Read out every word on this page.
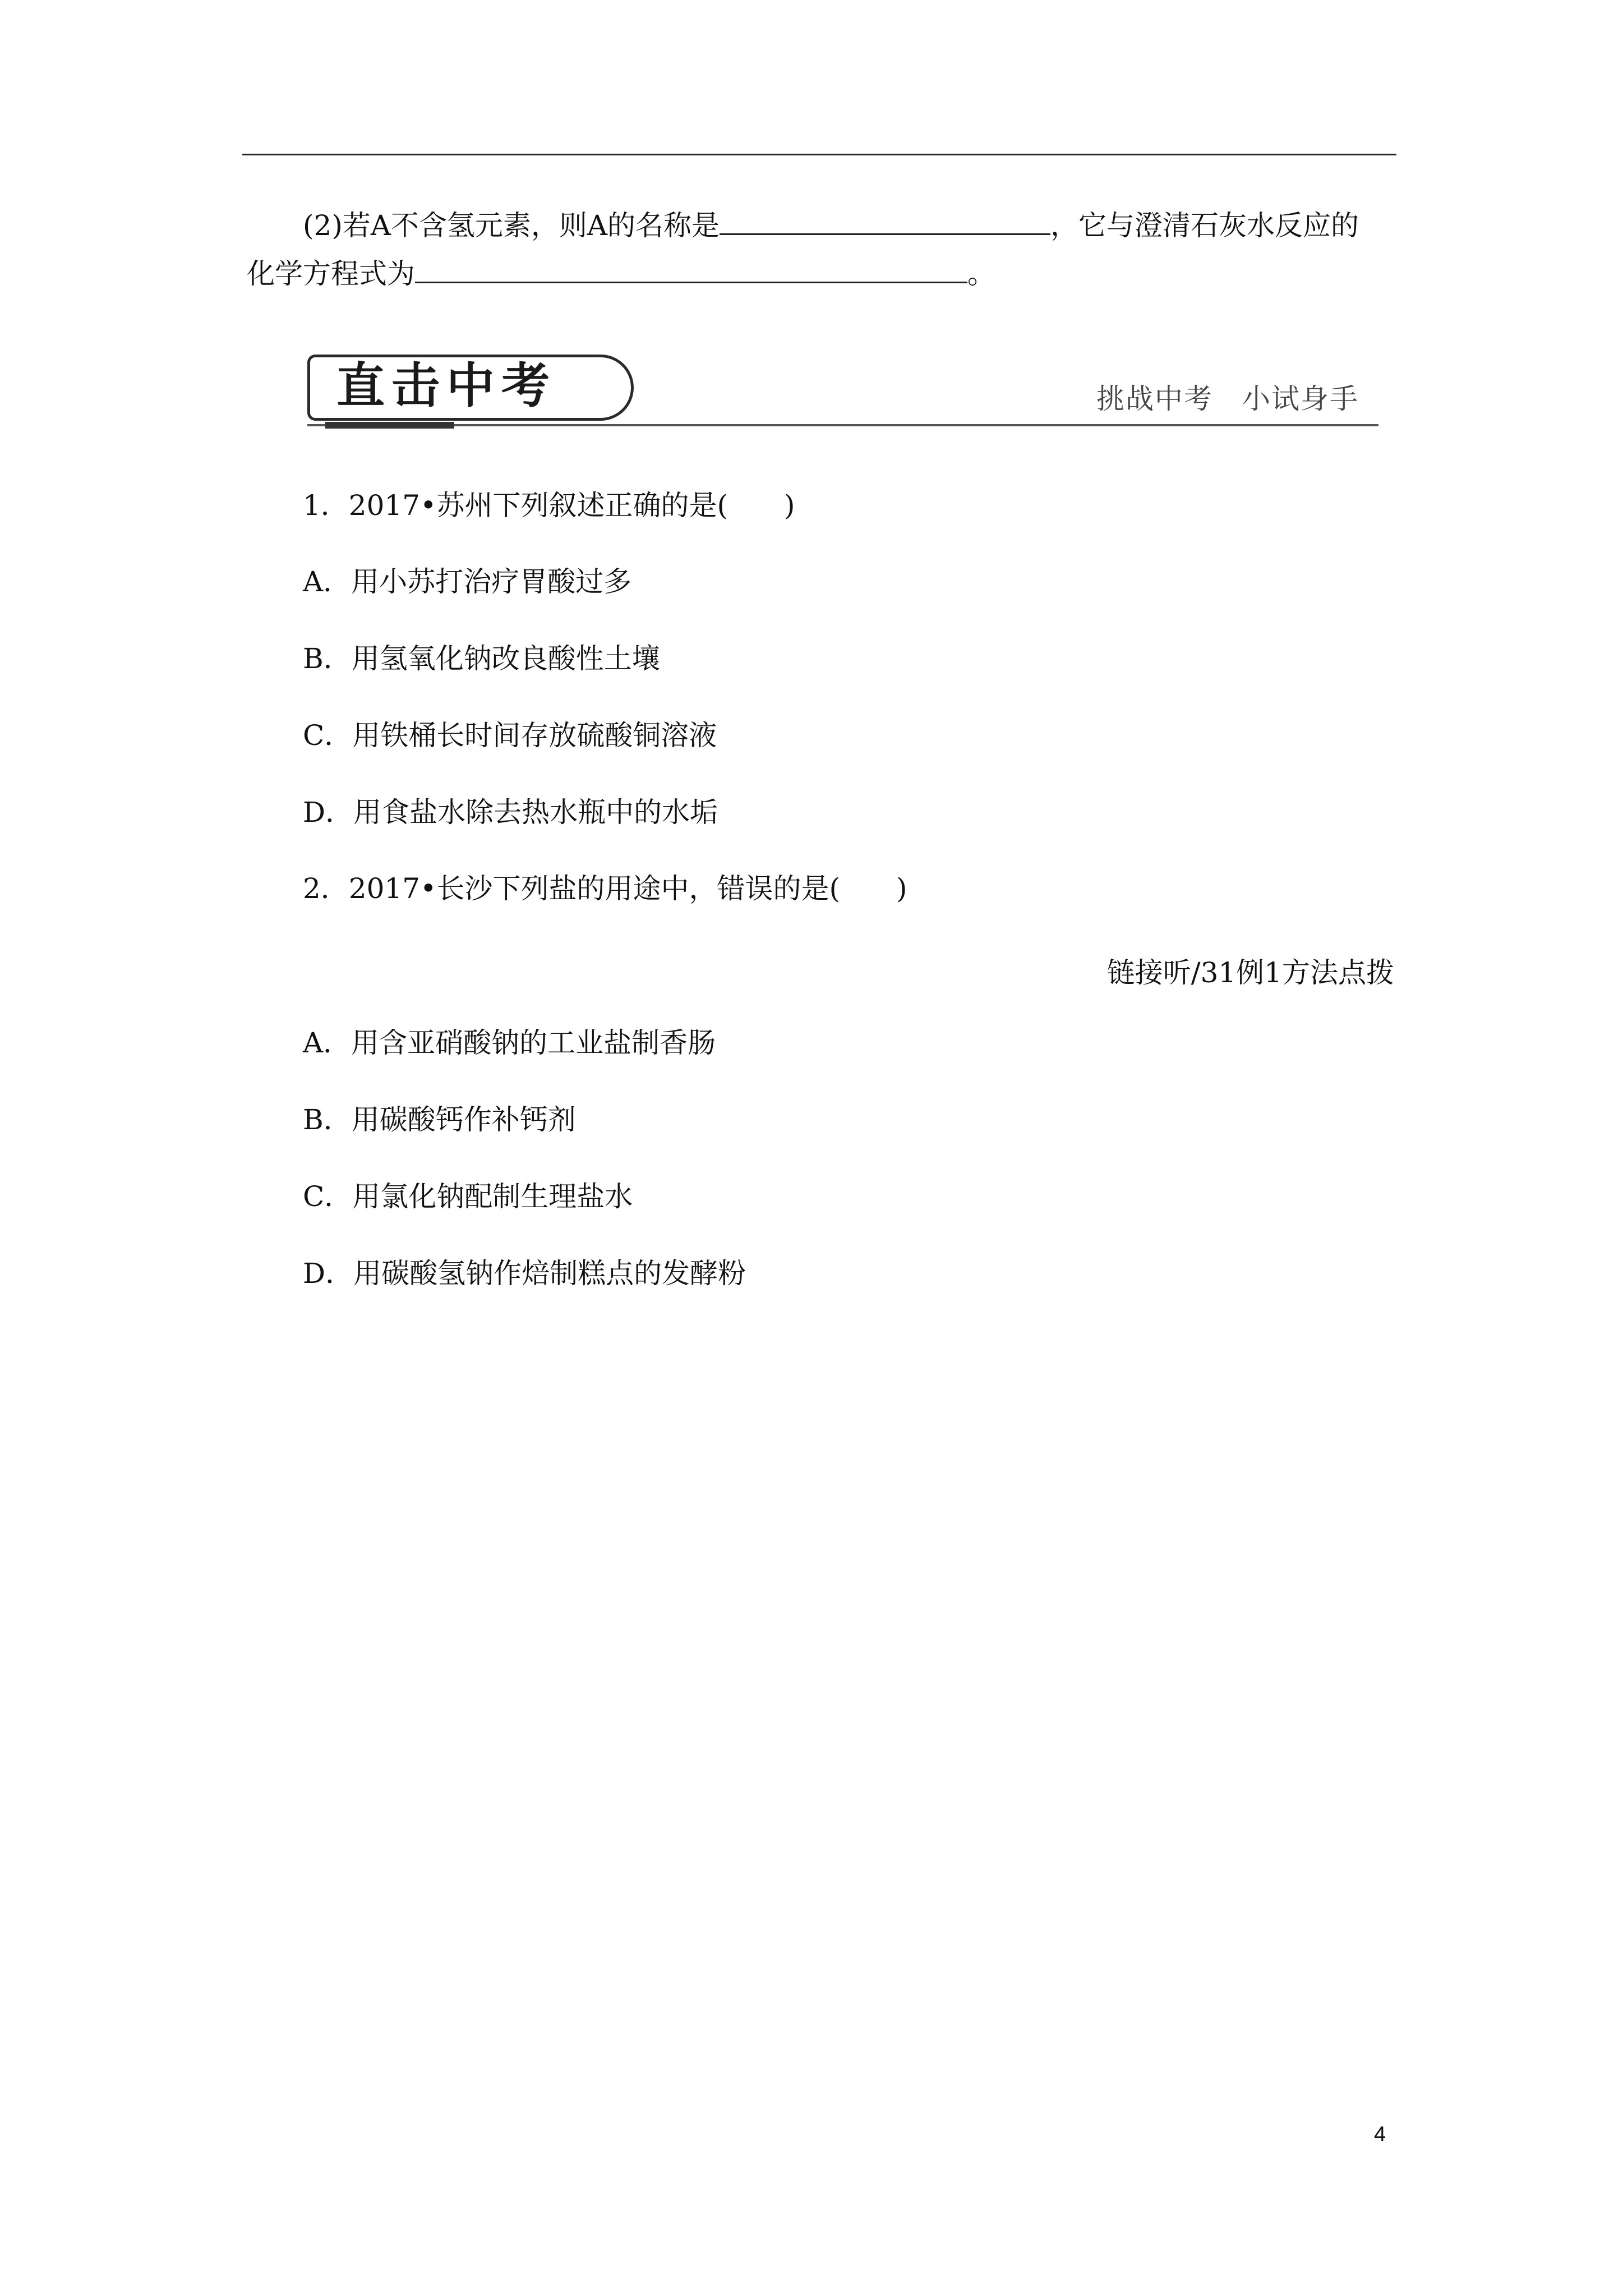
(2)若A不含氢元素，则A的名称是	，它与澄清石灰水反应的
化学方程式为	。
直击中考	挑战中考　小试身手
1．2017•苏州下列叙述正确的是(　　)
A．用小苏打治疗胃酸过多
B．用氢氧化钠改良酸性土壤
C．用铁桶长时间存放硫酸铜溶液
D．用食盐水除去热水瓶中的水垢
2．2017•长沙下列盐的用途中，错误的是(　　)
链接听/31例1方法点拨
A．用含亚硝酸钠的工业盐制香肠
B．用碳酸钙作补钙剂
C．用氯化钠配制生理盐水
D．用碳酸氢钠作焙制糕点的发酵粉
4
